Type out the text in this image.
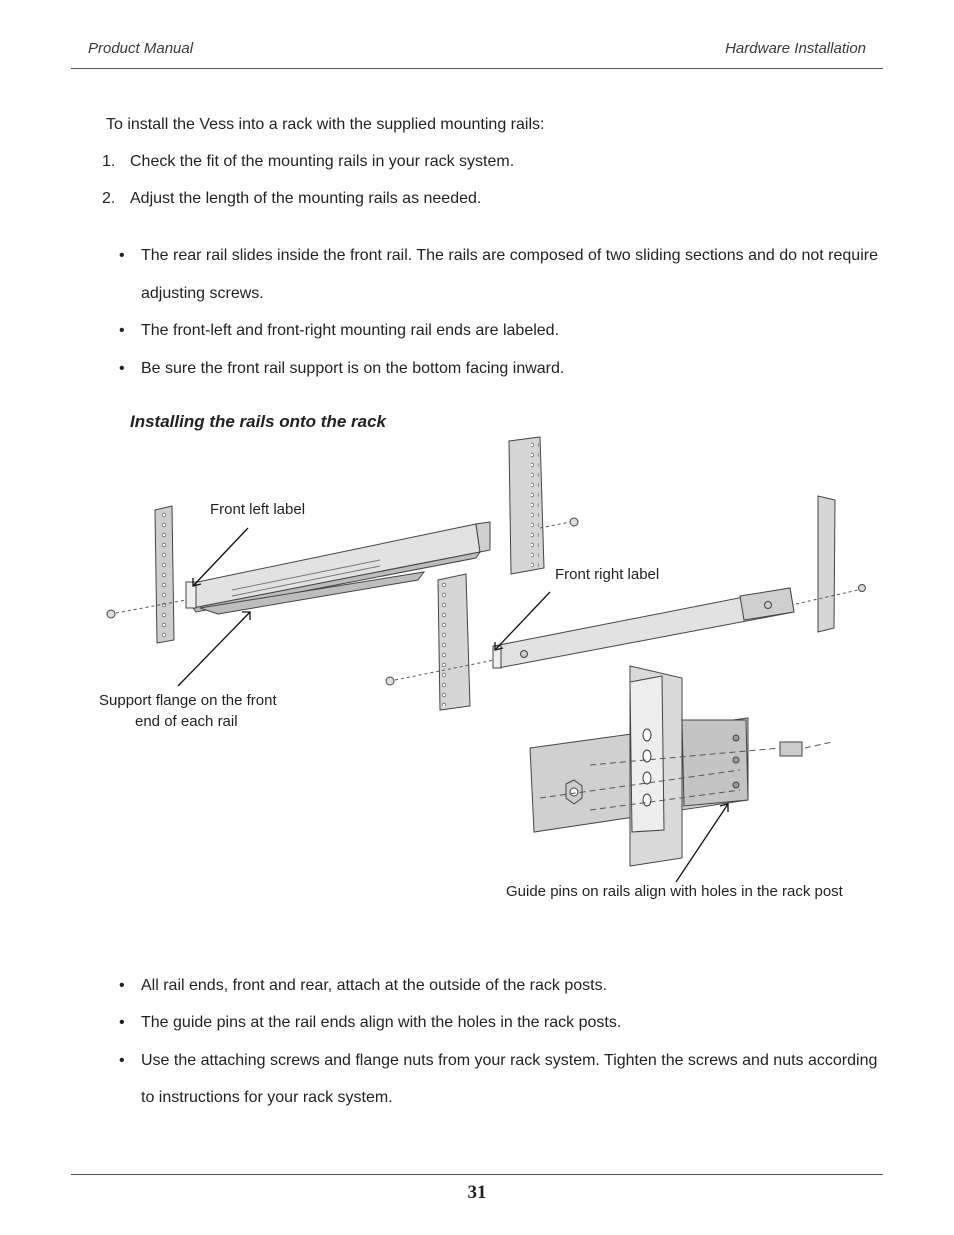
Product Manual	Hardware Installation
To install the Vess into a rack with the supplied mounting rails:
1. Check the fit of the mounting rails in your rack system.
2. Adjust the length of the mounting rails as needed.
• The rear rail slides inside the front rail. The rails are composed of two sliding sections and do not require
adjusting screws.
• The front-left and front-right mounting rail ends are labeled.
• Be sure the front rail support is on the bottom facing inward.
Installing the rails onto the rack
Front left label
Front right label
Support flange on the front
end of each rail
Guide pins on rails align with holes in the rack post
• All rail ends, front and rear, attach at the outside of the rack posts.
• The guide pins at the rail ends align with the holes in the rack posts.
• Use the attaching screws and flange nuts from your rack system. Tighten the screws and nuts according
to instructions for your rack system.
31
